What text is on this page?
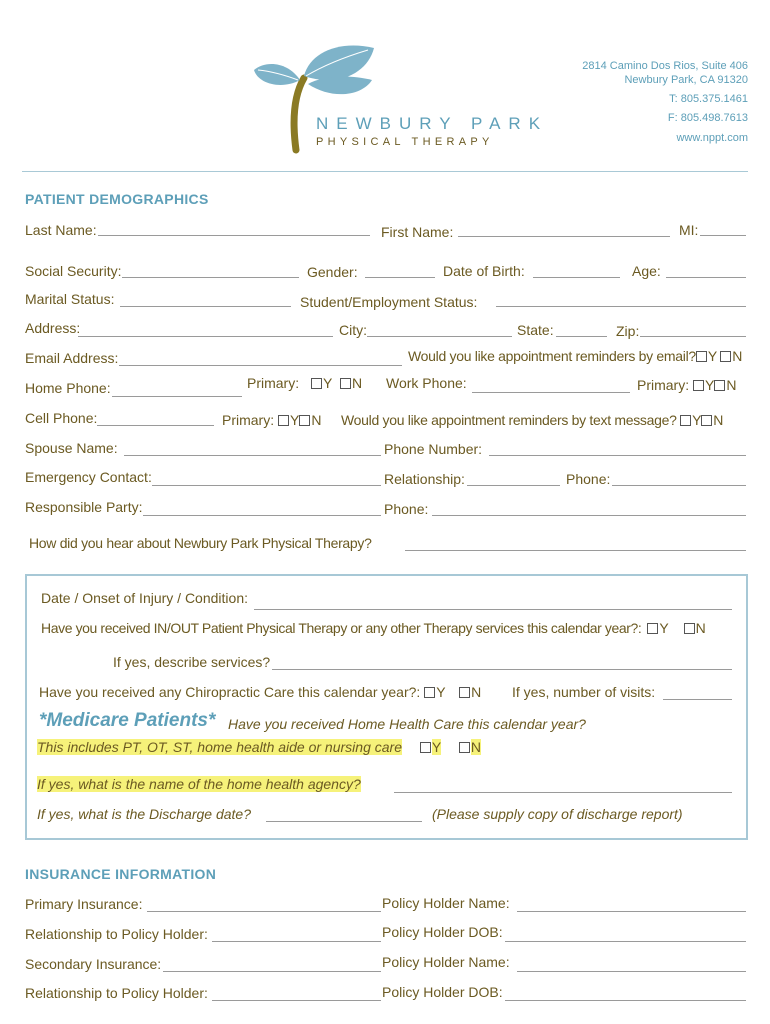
NEWBURY PARK
PHYSICAL THERAPY
2814 Camino Dos Rios, Suite 406
Newbury Park, CA 91320
T: 805.375.1461
F: 805.498.7613
www.nppt.com
PATIENT DEMOGRAPHICS
Last Name:	First Name:	MI:
Social Security:	Gender:	Date of Birth:	Age:
Marital Status:	Student/Employment Status:
Address:	City:	State:	Zip:
Email Address:	Would you like appointment reminders by email? Y N
Home Phone:	Primary: Y N Work Phone:	Primary: Y N
Cell Phone:	Primary: Y N Would you like appointment reminders by text message? Y N
Spouse Name:	Phone Number:
Emergency Contact:	Relationship:	Phone:
Responsible Party:	Phone:
How did you hear about Newbury Park Physical Therapy?
Date / Onset of Injury / Condition:
Have you received IN/OUT Patient Physical Therapy or any other Therapy services this calendar year?: Y N
If yes, describe services?
Have you received any Chiropractic Care this calendar year?: Y N If yes, number of visits:
*Medicare Patients* Have you received Home Health Care this calendar year?
This includes PT, OT, ST, home health aide or nursing care Y N
If yes, what is the name of the home health agency?
If yes, what is the Discharge date?	(Please supply copy of discharge report)
INSURANCE INFORMATION
Primary Insurance:	Policy Holder Name:
Relationship to Policy Holder:	Policy Holder DOB:
Secondary Insurance:	Policy Holder Name:
Relationship to Policy Holder:	Policy Holder DOB:
